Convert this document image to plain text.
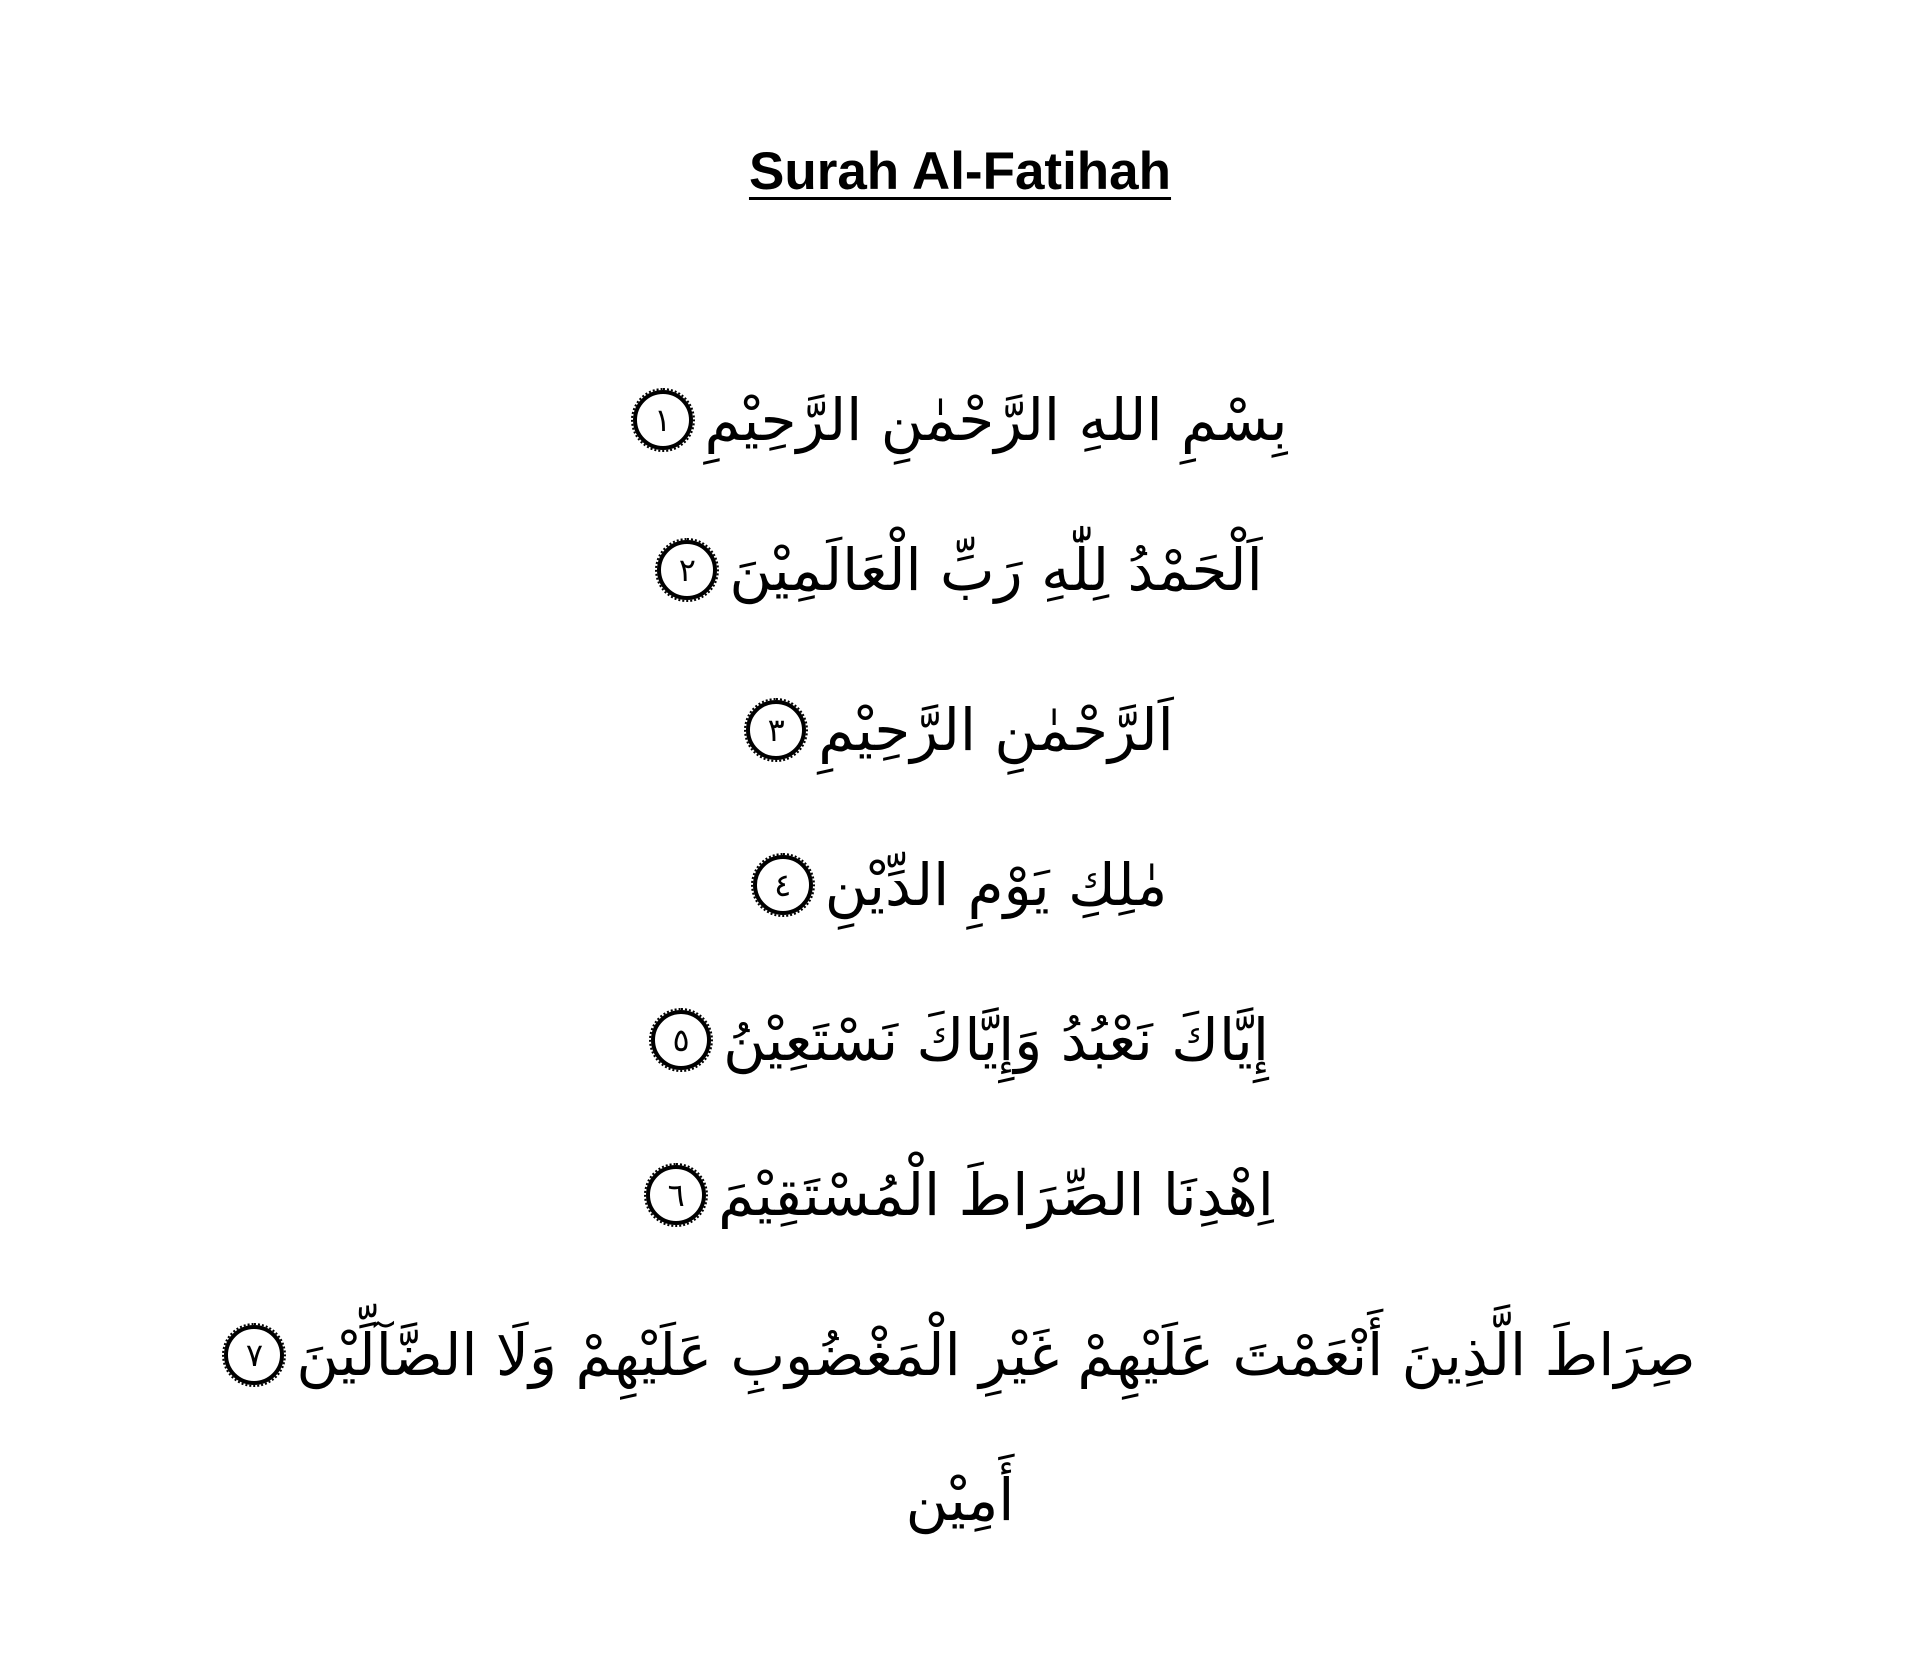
Surah Al-Fatihah
بِسْمِ اللهِ الرَّحْمٰنِ الرَّحِيْمِ
١
اَلْحَمْدُ لِلّٰهِ رَبِّ الْعَالَمِيْنَ
٢
اَلرَّحْمٰنِ الرَّحِيْمِ
٣
مٰلِكِ يَوْمِ الدِّيْنِ
٤
إِيَّاكَ نَعْبُدُ وَإِيَّاكَ نَسْتَعِيْنُ
٥
اِهْدِنَا الصِّرَاطَ الْمُسْتَقِيْمَ
٦
صِرَاطَ الَّذِينَ أَنْعَمْتَ عَلَيْهِمْ غَيْرِ الْمَغْضُوبِ عَلَيْهِمْ وَلَا الضَّآلِّيْنَ
٧
أَمِيْن
